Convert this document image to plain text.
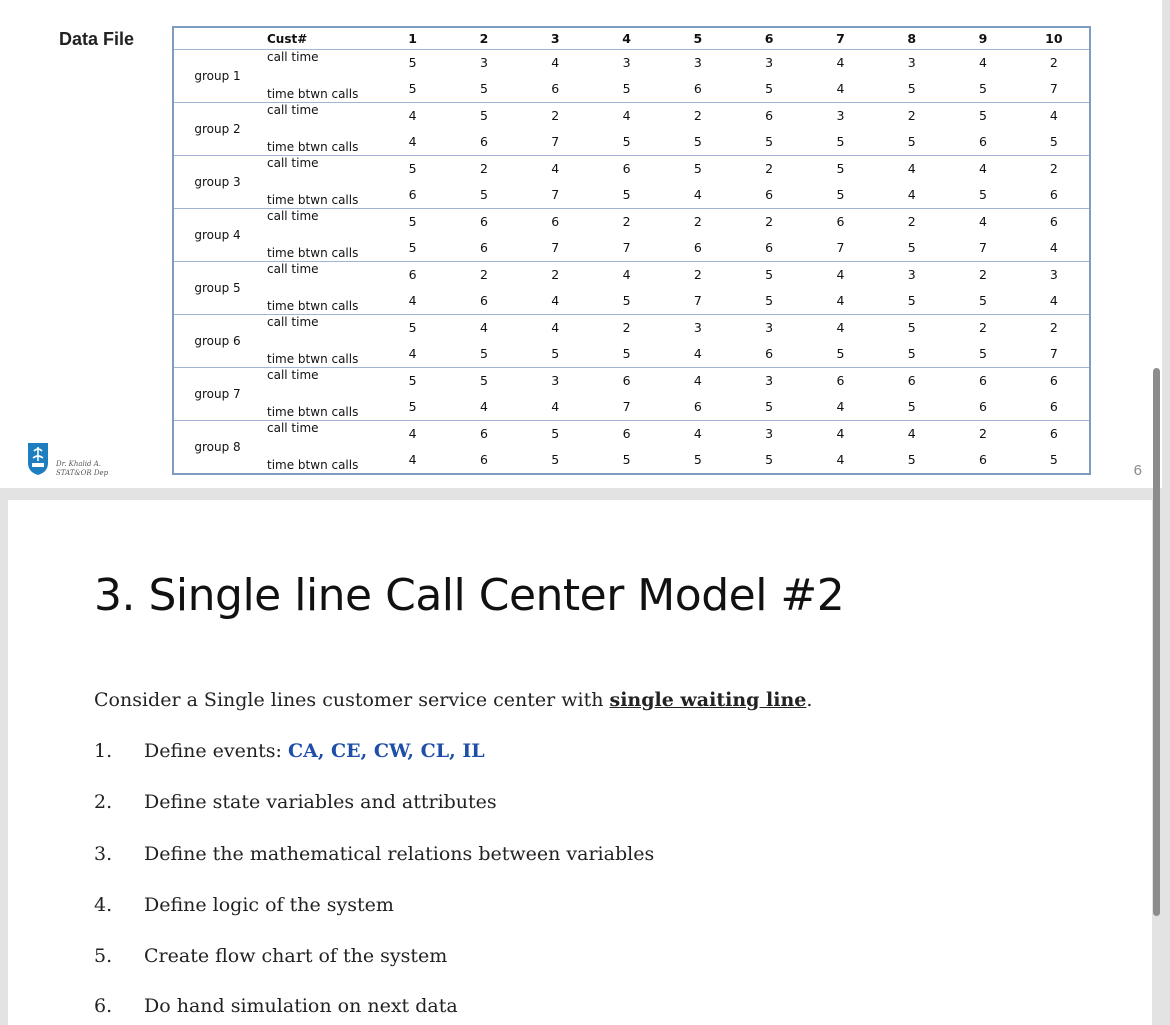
Data File
		Cust#	1	2	3	4	5	6	7	8	9	10
group 1	call time	5	3	4	3	3	3	4	3	4	2
	time btwn calls	5	5	6	5	6	5	4	5	5	7
group 2	call time	4	5	2	4	2	6	3	2	5	4
	time btwn calls	4	6	7	5	5	5	5	5	6	5
group 3	call time	5	2	4	6	5	2	5	4	4	2
	time btwn calls	6	5	7	5	4	6	5	4	5	6
group 4	call time	5	6	6	2	2	2	6	2	4	6
	time btwn calls	5	6	7	7	6	6	7	5	7	4
group 5	call time	6	2	2	4	2	5	4	3	2	3
	time btwn calls	4	6	4	5	7	5	4	5	5	4
group 6	call time	5	4	4	2	3	3	4	5	2	2
	time btwn calls	4	5	5	5	4	6	5	5	5	7
group 7	call time	5	5	3	6	4	3	6	6	6	6
	time btwn calls	5	4	4	7	6	5	4	5	6	6
group 8	call time	4	6	5	6	4	3	4	4	2	6
	time btwn calls	4	6	5	5	5	5	4	5	6	5
Dr. Khalid A.
STAT&OR Dep	6
3. Single line Call Center Model #2
Consider a Single lines customer service center with single waiting line.
1. Define events: CA, CE, CW, CL, IL
2. Define state variables and attributes
3. Define the mathematical relations between variables
4. Define logic of the system
5. Create flow chart of the system
6. Do hand simulation on next data
